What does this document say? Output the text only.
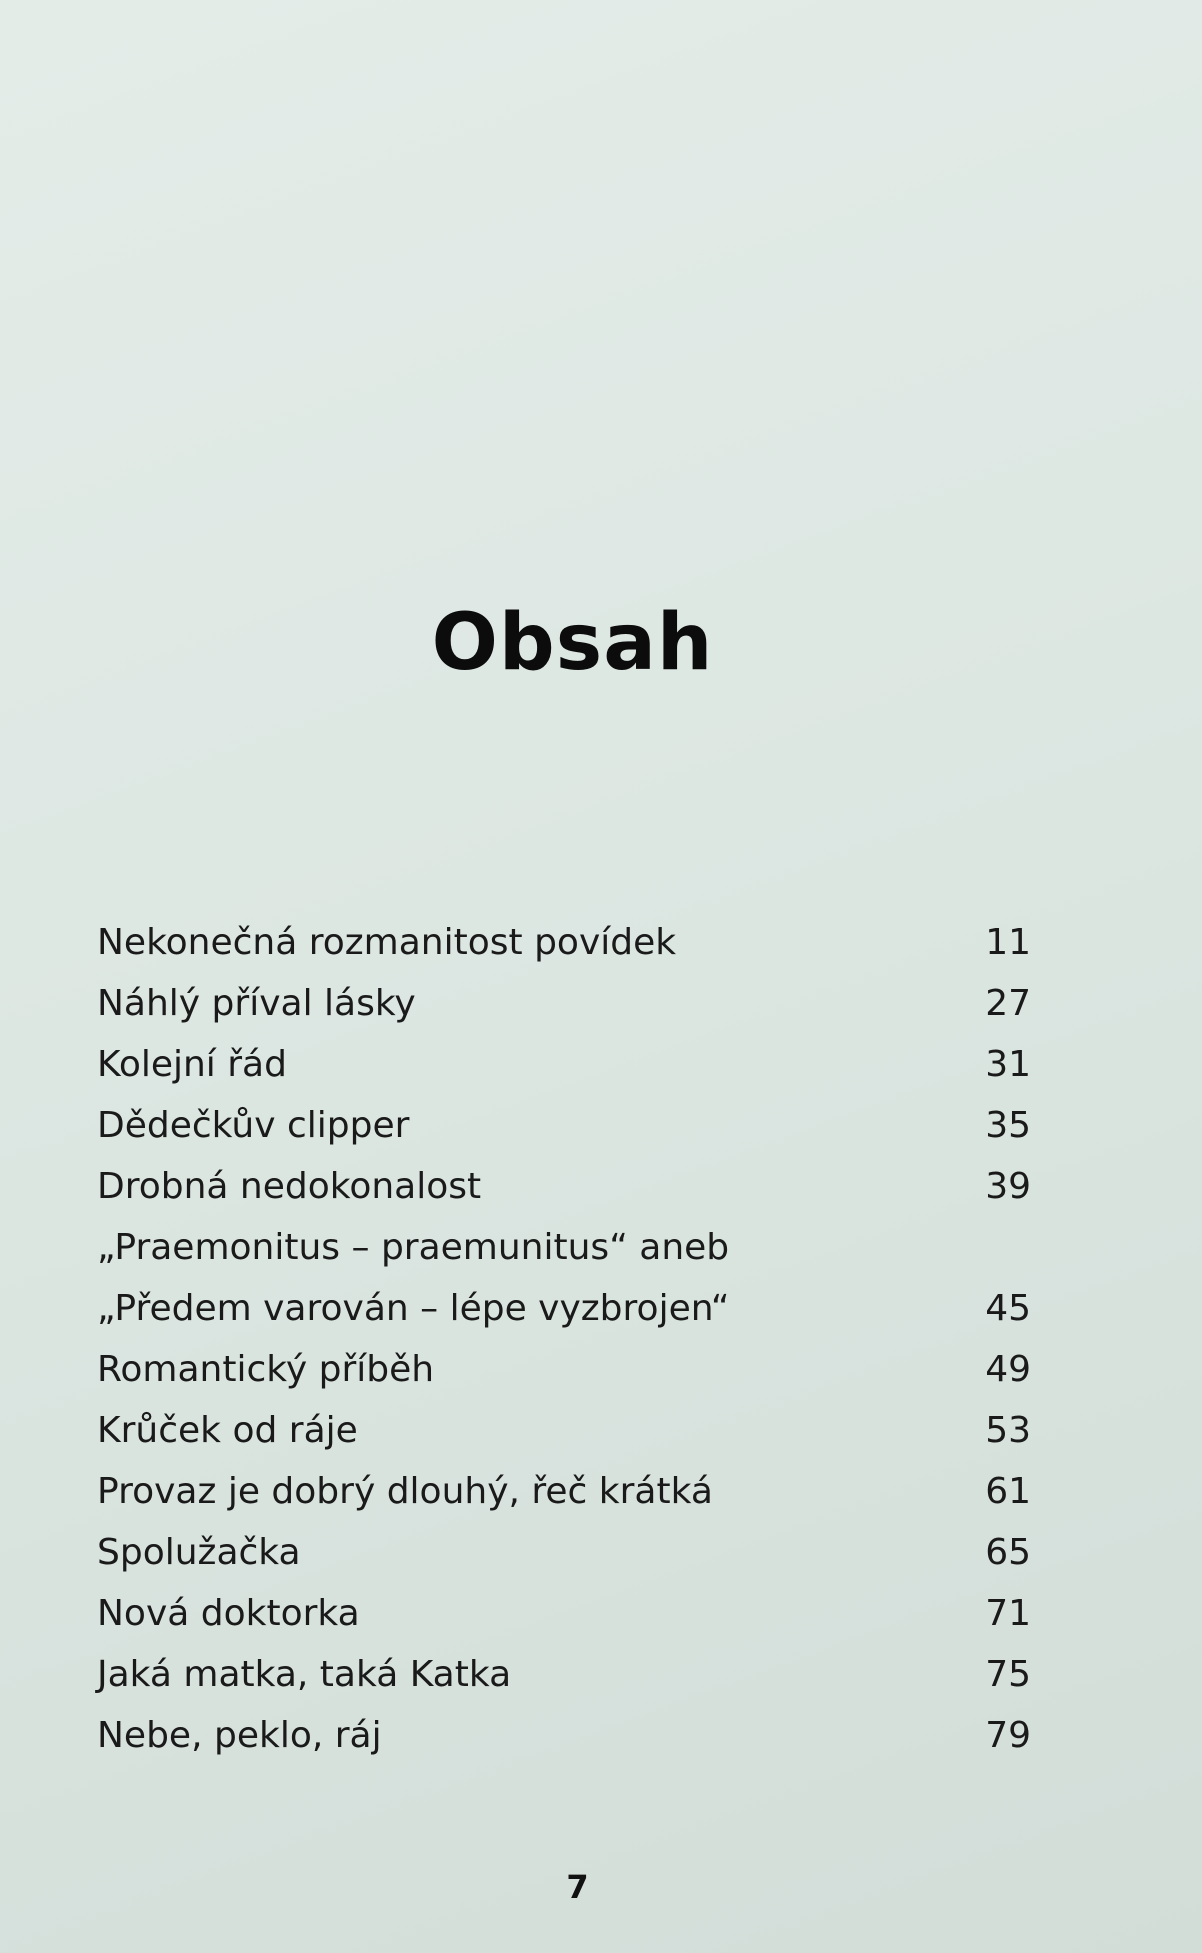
Obsah
Nekonečná rozmanitost povídek	11
Náhlý příval lásky	27
Kolejní řád	31
Dědečkův clipper	35
Drobná nedokonalost	39
„Praemonitus – praemunitus“ aneb
„Předem varován – lépe vyzbrojen“	45
Romantický příběh	49
Krůček od ráje	53
Provaz je dobrý dlouhý, řeč krátká	61
Spolužačka	65
Nová doktorka	71
Jaká matka, taká Katka	75
Nebe, peklo, ráj	79
7
